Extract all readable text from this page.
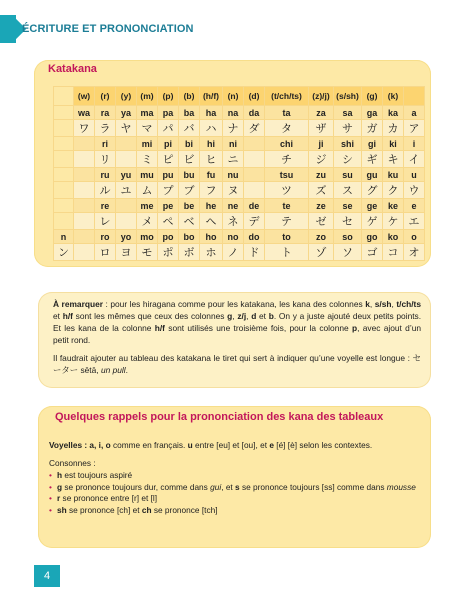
ÉCRITURE ET PRONONCIATION
Katakana
	(w)	(r)	(y)	(m)	(p)	(b)	(h/f)	(n)	(d)	(t/ch/ts)	(z)/j)	(s/sh)	(g)	(k)	
	wa	ra	ya	ma	pa	ba	ha	na	da	ta	za	sa	ga	ka	a
	ワ	ラ	ヤ	マ	パ	バ	ハ	ナ	ダ	タ	ザ	サ	ガ	カ	ア
		ri		mi	pi	bi	hi	ni		chi	ji	shi	gi	ki	i
		リ		ミ	ピ	ビ	ヒ	ニ		チ	ジ	シ	ギ	キ	イ
		ru	yu	mu	pu	bu	fu	nu		tsu	zu	su	gu	ku	u
		ル	ユ	ム	プ	ブ	フ	ヌ		ツ	ズ	ス	グ	ク	ウ
		re		me	pe	be	he	ne	de	te	ze	se	ge	ke	e
		レ		メ	ペ	ベ	ヘ	ネ	デ	テ	ゼ	セ	ゲ	ケ	エ
n		ro	yo	mo	po	bo	ho	no	do	to	zo	so	go	ko	o
ン		ロ	ヨ	モ	ポ	ボ	ホ	ノ	ド	ト	ゾ	ソ	ゴ	コ	オ

À remarquer : pour les hiragana comme pour les katakana, les kana des colonnes k, s/sh, t/ch/ts et h/f sont les mêmes que ceux des colonnes g, z/j, d et b. On y a juste ajouté deux petits points. Et les kana de la colonne h/f sont utilisés une troisième fois, pour la colonne p, avec ajout d’un petit rond.

Il faudrait ajouter au tableau des katakana le tiret qui sert à indiquer qu’une voyelle est longue : セーター sētā, un pull.

Quelques rappels pour la prononciation des kana des tableaux

Voyelles : a, i, o comme en français. u entre [eu] et [ou], et e [é] [è] selon les contextes.

Consonnes :

• h est toujours aspiré
• g se prononce toujours dur, comme dans gui, et s se prononce toujours [ss] comme dans mousse
• r se prononce entre [r] et [l]
• sh se prononce [ch] et ch se prononce [tch]
4
